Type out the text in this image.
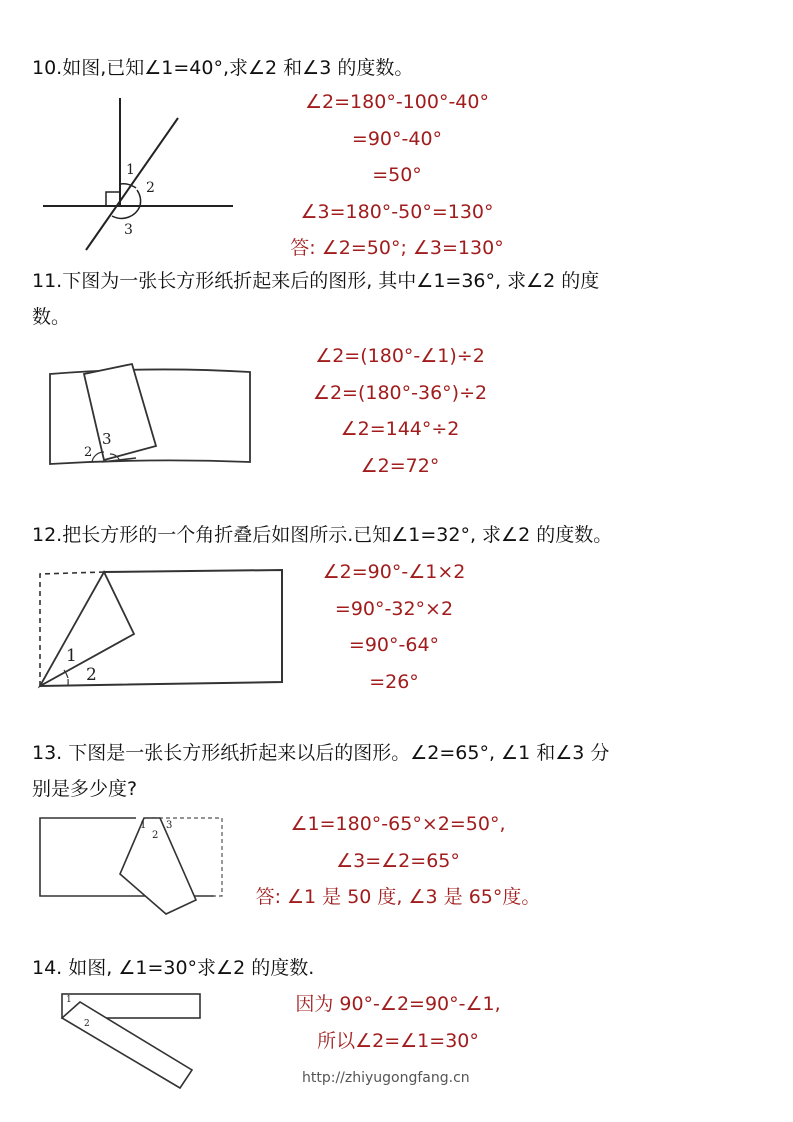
10.如图,已知∠1=40°,求∠2 和∠3 的度数。
1
2
3
∠2=180°-100°-40°
=90°-40°
=50°
∠3=180°-50°=130°
答: ∠2=50°; ∠3=130°
11.下图为一张长方形纸折起来后的图形, 其中∠1=36°, 求∠2 的度
数。
2
3
∠2=(180°-∠1)÷2
∠2=(180°-36°)÷2
∠2=144°÷2
∠2=72°
12.把长方形的一个角折叠后如图所示.已知∠1=32°, 求∠2 的度数。
1
2
∠2=90°-∠1×2
=90°-32°×2
=90°-64°
=26°
13. 下图是一张长方形纸折起来以后的图形。∠2=65°, ∠1 和∠3 分
别是多少度?
1 3
2
∠1=180°-65°×2=50°,
∠3=∠2=65°
答: ∠1 是 50 度, ∠3 是 65°度。
14. 如图, ∠1=30°求∠2 的度数.
1
2
因为 90°-∠2=90°-∠1,
所以∠2=∠1=30°
http://zhiyugongfang.cn
